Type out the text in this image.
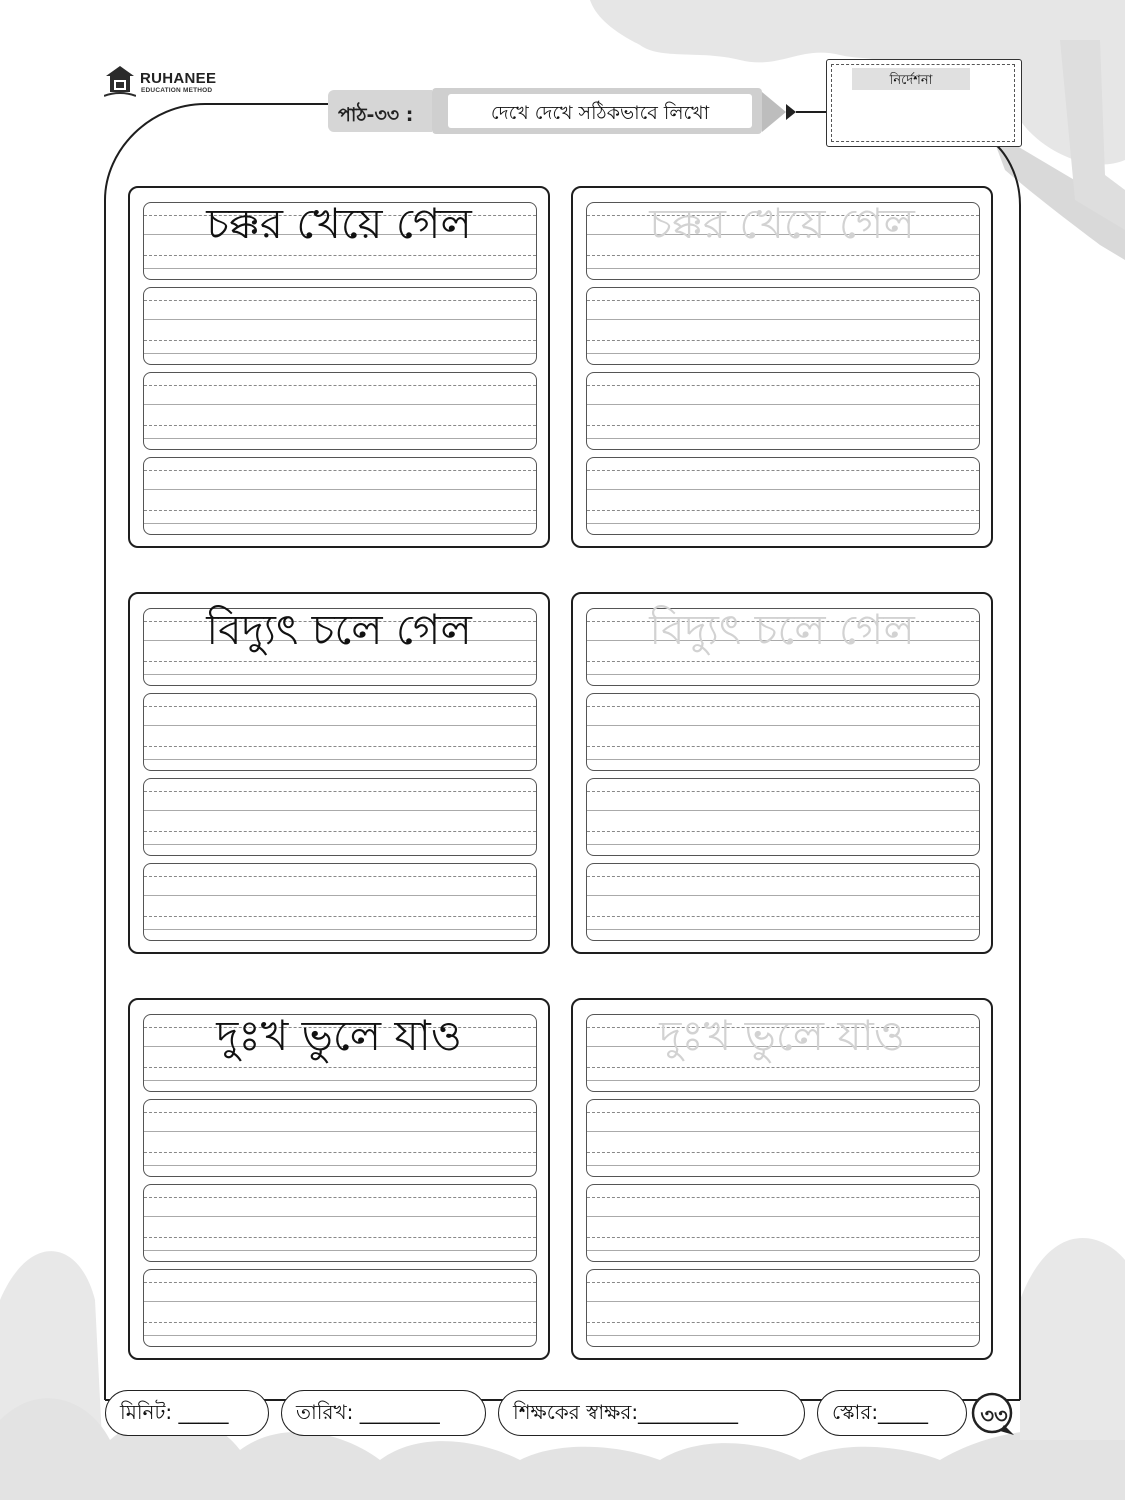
RUHANEE
EDUCATION METHOD
পাঠ-৩৩ :	দেখে দেখে সঠিকভাবে লিখো
নির্দেশনা
চক্কর খেয়ে গেল	চক্কর খেয়ে গেল
বিদ্যুৎ চলে গেল	বিদ্যুৎ চলে গেল
দুঃখ ভুলে যাও	দুঃখ ভুলে যাও
মিনিট: _____	তারিখ: ________	শিক্ষকের স্বাক্ষর:__________	স্কোর:_____	৩৩
